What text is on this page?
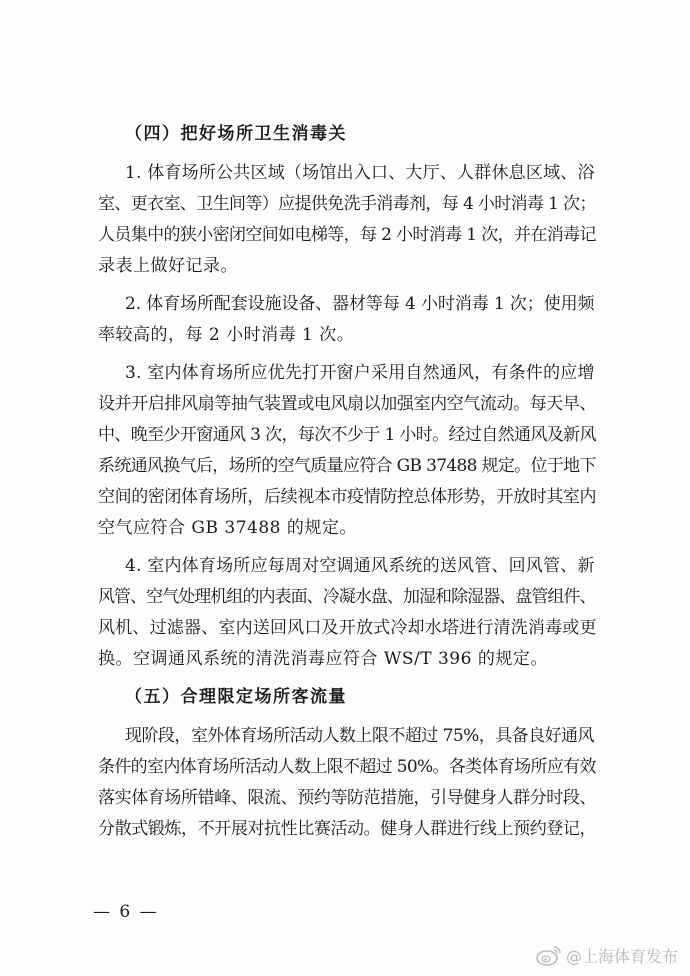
（四）把好场所卫生消毒关
1. 体育场所公共区域（场馆出入口、大厅、人群休息区域、浴
室、更衣室、卫生间等）应提供免洗手消毒剂，每 4 小时消毒 1 次；
人员集中的狭小密闭空间如电梯等，每 2 小时消毒 1 次，并在消毒记
录表上做好记录。
2. 体育场所配套设施设备、器材等每 4 小时消毒 1 次；使用频
率较高的，每 2 小时消毒 1 次。
3. 室内体育场所应优先打开窗户采用自然通风，有条件的应增
设并开启排风扇等抽气装置或电风扇以加强室内空气流动。每天早、
中、晚至少开窗通风 3 次，每次不少于 1 小时。经过自然通风及新风
系统通风换气后，场所的空气质量应符合 GB 37488 规定。位于地下
空间的密闭体育场所，后续视本市疫情防控总体形势，开放时其室内
空气应符合 GB 37488 的规定。
4. 室内体育场所应每周对空调通风系统的送风管、回风管、新
风管、空气处理机组的内表面、冷凝水盘、加湿和除湿器、盘管组件、
风机、过滤器、室内送回风口及开放式冷却水塔进行清洗消毒或更
换。空调通风系统的清洗消毒应符合 WS/T 396 的规定。
（五）合理限定场所客流量
现阶段，室外体育场所活动人数上限不超过 75%，具备良好通风
条件的室内体育场所活动人数上限不超过 50%。各类体育场所应有效
落实体育场所错峰、限流、预约等防范措施，引导健身人群分时段、
分散式锻炼，不开展对抗性比赛活动。健身人群进行线上预约登记，
— 6 —
@上海体育发布
